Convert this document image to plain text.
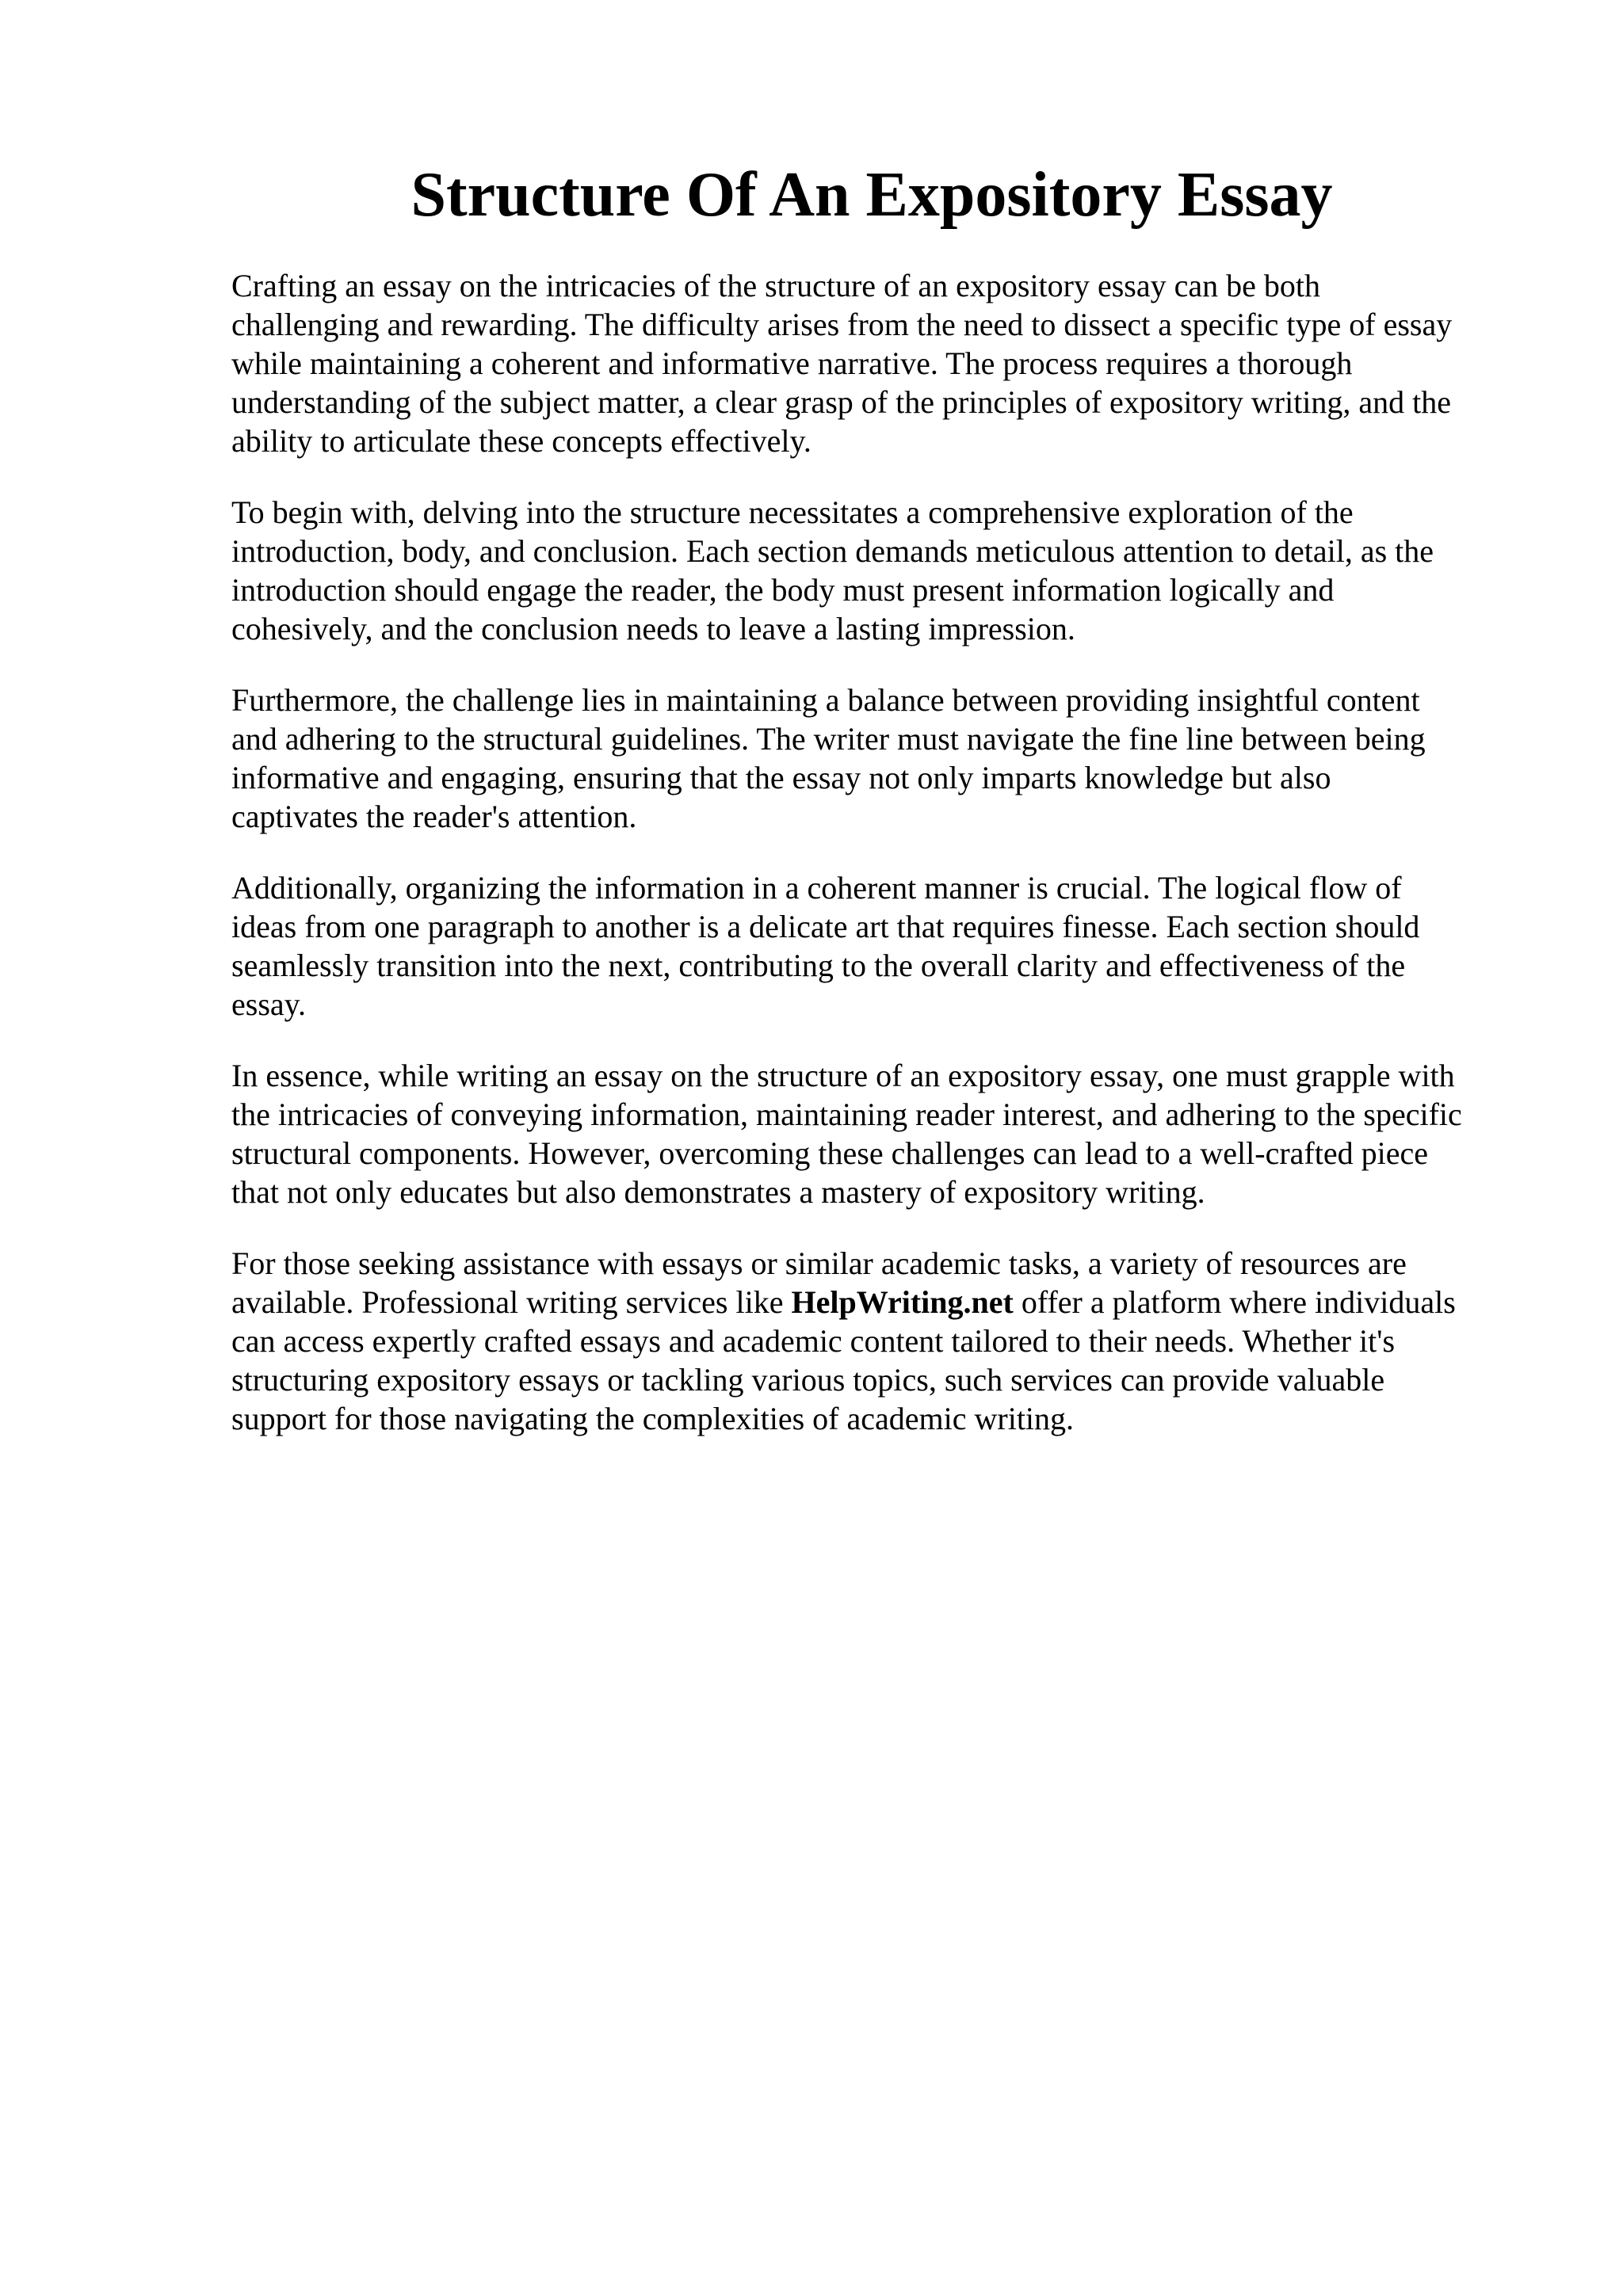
Structure Of An Expository Essay

Crafting an essay on the intricacies of the structure of an expository essay can be both
challenging and rewarding. The difficulty arises from the need to dissect a specific type of essay
while maintaining a coherent and informative narrative. The process requires a thorough
understanding of the subject matter, a clear grasp of the principles of expository writing, and the
ability to articulate these concepts effectively.

To begin with, delving into the structure necessitates a comprehensive exploration of the
introduction, body, and conclusion. Each section demands meticulous attention to detail, as the
introduction should engage the reader, the body must present information logically and
cohesively, and the conclusion needs to leave a lasting impression.

Furthermore, the challenge lies in maintaining a balance between providing insightful content
and adhering to the structural guidelines. The writer must navigate the fine line between being
informative and engaging, ensuring that the essay not only imparts knowledge but also
captivates the reader's attention.

Additionally, organizing the information in a coherent manner is crucial. The logical flow of
ideas from one paragraph to another is a delicate art that requires finesse. Each section should
seamlessly transition into the next, contributing to the overall clarity and effectiveness of the
essay.

In essence, while writing an essay on the structure of an expository essay, one must grapple with
the intricacies of conveying information, maintaining reader interest, and adhering to the specific
structural components. However, overcoming these challenges can lead to a well-crafted piece
that not only educates but also demonstrates a mastery of expository writing.

For those seeking assistance with essays or similar academic tasks, a variety of resources are
available. Professional writing services like HelpWriting.net offer a platform where individuals
can access expertly crafted essays and academic content tailored to their needs. Whether it's
structuring expository essays or tackling various topics, such services can provide valuable
support for those navigating the complexities of academic writing.
